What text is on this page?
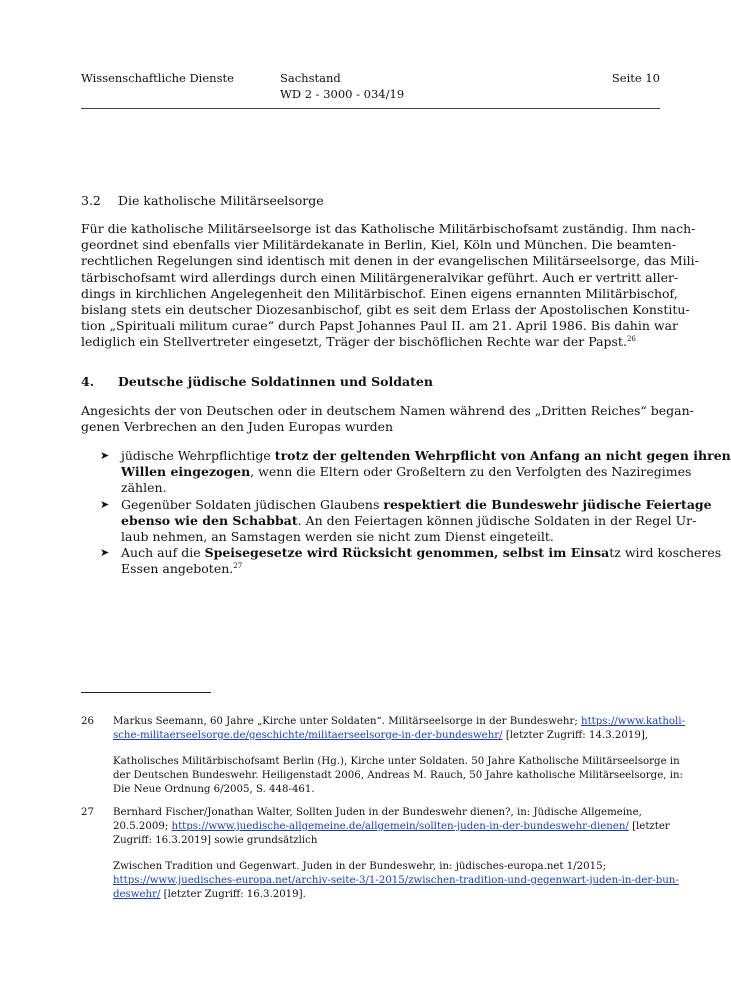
Wissenschaftliche Dienste	Sachstand
WD 2 - 3000 - 034/19
Seite 10
3.2 Die katholische Militärseelsorge
Für die katholische Militärseelsorge ist das Katholische Militärbischofsamt zuständig. Ihm nach-
geordnet sind ebenfalls vier Militärdekanate in Berlin, Kiel, Köln und München. Die beamten-
rechtlichen Regelungen sind identisch mit denen in der evangelischen Militärseelsorge, das Mili-
tärbischofsamt wird allerdings durch einen Militärgeneralvikar geführt. Auch er vertritt aller-
dings in kirchlichen Angelegenheit den Militärbischof. Einen eigens ernannten Militärbischof,
bislang stets ein deutscher Diozesanbischof, gibt es seit dem Erlass der Apostolischen Konstitu-
tion „Spirituali militum curae“ durch Papst Johannes Paul II. am 21. April 1986. Bis dahin war
lediglich ein Stellvertreter eingesetzt, Träger der bischöflichen Rechte war der Papst.$^{26}$
4. Deutsche jüdische Soldatinnen und Soldaten
Angesichts der von Deutschen oder in deutschem Namen während des „Dritten Reiches“ began-
genen Verbrechen an den Juden Europas wurden
➤ jüdische Wehrpflichtige trotz der geltenden Wehrpflicht von Anfang an nicht gegen ihren
Willen eingezogen, wenn die Eltern oder Großeltern zu den Verfolgten des Naziregimes
zählen.
➤ Gegenüber Soldaten jüdischen Glaubens respektiert die Bundeswehr jüdische Feiertage
ebenso wie den Schabbat. An den Feiertagen können jüdische Soldaten in der Regel Ur-
laub nehmen, an Samstagen werden sie nicht zum Dienst eingeteilt.
➤ Auch auf die Speisegesetze wird Rücksicht genommen, selbst im Einsatz wird koscheres
Essen angeboten.$^{27}$
26 Markus Seemann, 60 Jahre „Kirche unter Soldaten“. Militärseelsorge in der Bundeswehr; https://www.katholi-
sche-militaerseelsorge.de/geschichte/militaerseelsorge-in-der-bundeswehr/ [letzter Zugriff: 14.3.2019],
Katholisches Militärbischofsamt Berlin (Hg.), Kirche unter Soldaten. 50 Jahre Katholische Militärseelsorge in
der Deutschen Bundeswehr. Heiligenstadt 2006, Andreas M. Rauch, 50 Jahre katholische Militärseelsorge, in:
Die Neue Ordnung 6/2005, S. 448-461.
27 Bernhard Fischer/Jonathan Walter, Sollten Juden in der Bundeswehr dienen?, in: Jüdische Allgemeine,
20.5.2009; https://www.juedische-allgemeine.de/allgemein/sollten-juden-in-der-bundeswehr-dienen/ [letzter
Zugriff: 16.3.2019] sowie grundsätzlich
Zwischen Tradition und Gegenwart. Juden in der Bundeswehr, in: jüdisches-europa.net 1/2015;
https://www.juedisches-europa.net/archiv-seite-3/1-2015/zwischen-tradition-und-gegenwart-juden-in-der-bun-
deswehr/ [letzter Zugriff: 16.3.2019].
